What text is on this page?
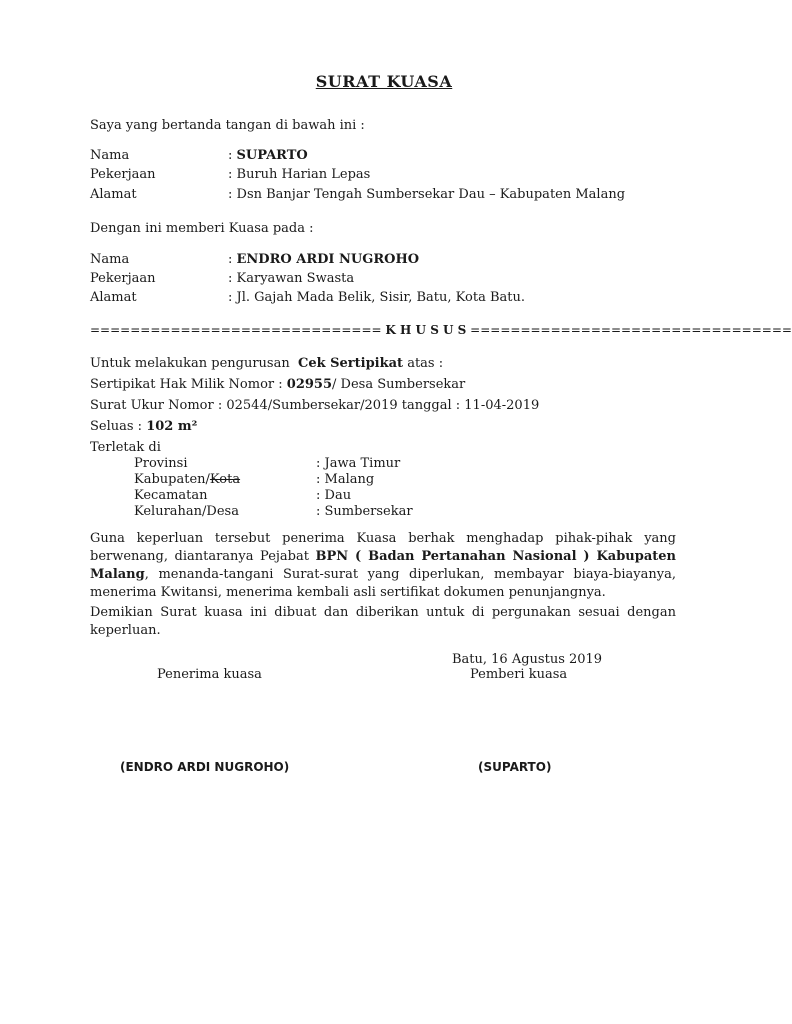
SURAT KUASA
Saya yang bertanda tangan di bawah ini :
Nama	: SUPARTO
Pekerjaan	: Buruh Harian Lepas
Alamat	: Dsn Banjar Tengah Sumbersekar Dau – Kabupaten Malang
Dengan ini memberi Kuasa pada :
Nama	: ENDRO ARDI NUGROHO
Pekerjaan	: Karyawan Swasta
Alamat	: Jl. Gajah Mada Belik, Sisir, Batu, Kota Batu.
============================= K H U S U S ================================
Untuk melakukan pengurusan Cek Sertipikat atas :
Sertipikat Hak Milik Nomor : 02955/ Desa Sumbersekar
Surat Ukur Nomor : 02544/Sumbersekar/2019 tanggal : 11-04-2019
Seluas : 102 m²
Terletak di
Provinsi	: Jawa Timur
Kabupaten/Kota	: Malang
Kecamatan	: Dau
Kelurahan/Desa	: Sumbersekar
Guna keperluan tersebut penerima Kuasa berhak menghadap pihak-pihak yang berwenang, diantaranya Pejabat BPN ( Badan Pertanahan Nasional ) Kabupaten Malang, menanda-tangani Surat-surat yang diperlukan, membayar biaya-biayanya, menerima Kwitansi, menerima kembali asli sertifikat dokumen penunjangnya.
Demikian Surat kuasa ini dibuat dan diberikan untuk di pergunakan sesuai dengan keperluan.
Batu, 16 Agustus 2019
Penerima kuasa	Pemberi kuasa
(ENDRO ARDI NUGROHO)	(SUPARTO)
